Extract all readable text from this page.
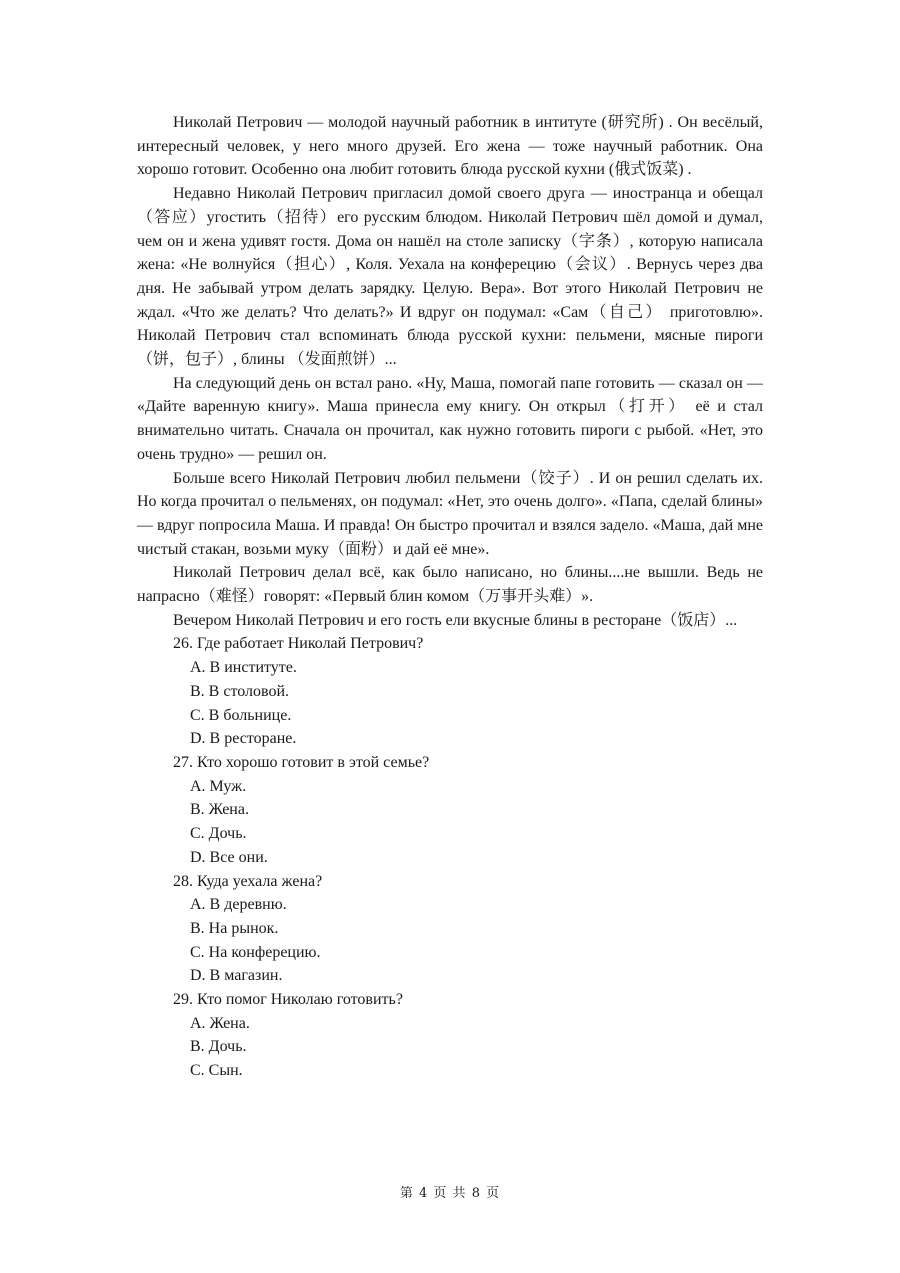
Николай Петрович — молодой научный работник в интитуте (研究所) . Он весёлый, интересный человек, у него много друзей. Его жена — тоже научный работник. Она хорошо готовит. Особенно она любит готовить блюда русской кухни (俄式饭菜) .

Недавно Николай Петрович пригласил домой своего друга — иностранца и обещал（答应）угостить（招待）его русским блюдом. Николай Петрович шёл домой и думал, чем он и жена удивят гостя. Дома он нашёл на столе записку（字条）, которую написала жена: «Не волнуйся（担心）, Коля. Уехала на конферецию（会议）. Вернусь через два дня. Не забывай утром делать зарядку. Целую. Вера». Вот этого Николай Петрович не ждал. «Что же делать? Что делать?» И вдруг он подумал: «Сам（自己） приготовлю». Николай Петрович стал вспоминать блюда русской кухни: пельмени, мясные пироги（饼，包子）, блины （发面煎饼）...

На следующий день он встал рано. «Ну, Маша, помогай папе готовить — сказал он — «Дайте варенную книгу». Маша принесла ему книгу. Он открыл（打开） её и стал внимательно читать. Сначала он прочитал, как нужно готовить пироги с рыбой. «Нет, это очень трудно» — решил он.

Больше всего Николай Петрович любил пельмени（饺子）. И он решил сделать их. Но когда прочитал о пельменях, он подумал: «Нет, это очень долго». «Папа, сделай блины» — вдруг попросила Маша. И правда! Он быстро прочитал и взялся задело. «Маша, дай мне чистый стакан, возьми муку（面粉）и дай её мне».

Николай Петрович делал всё, как было написано, но блины....не вышли. Ведь не напрасно（难怪）говорят: «Первый блин комом（万事开头难）».

Вечером Николай Петрович и его гость ели вкусные блины в ресторане（饭店）...

26. Где работает Николай Петрович?
A. В институте.
B. В столовой.
C. В больнице.
D. В ресторане.
27. Кто хорошо готовит в этой семье?
A. Муж.
B. Жена.
C. Дочь.
D. Все они.
28. Куда уехала жена?
A. В деревню.
B. На рынок.
C. На конферецию.
D. В магазин.
29. Кто помог Николаю готовить?
A. Жена.
B. Дочь.
C. Сын.
第 4 页 共 8 页
